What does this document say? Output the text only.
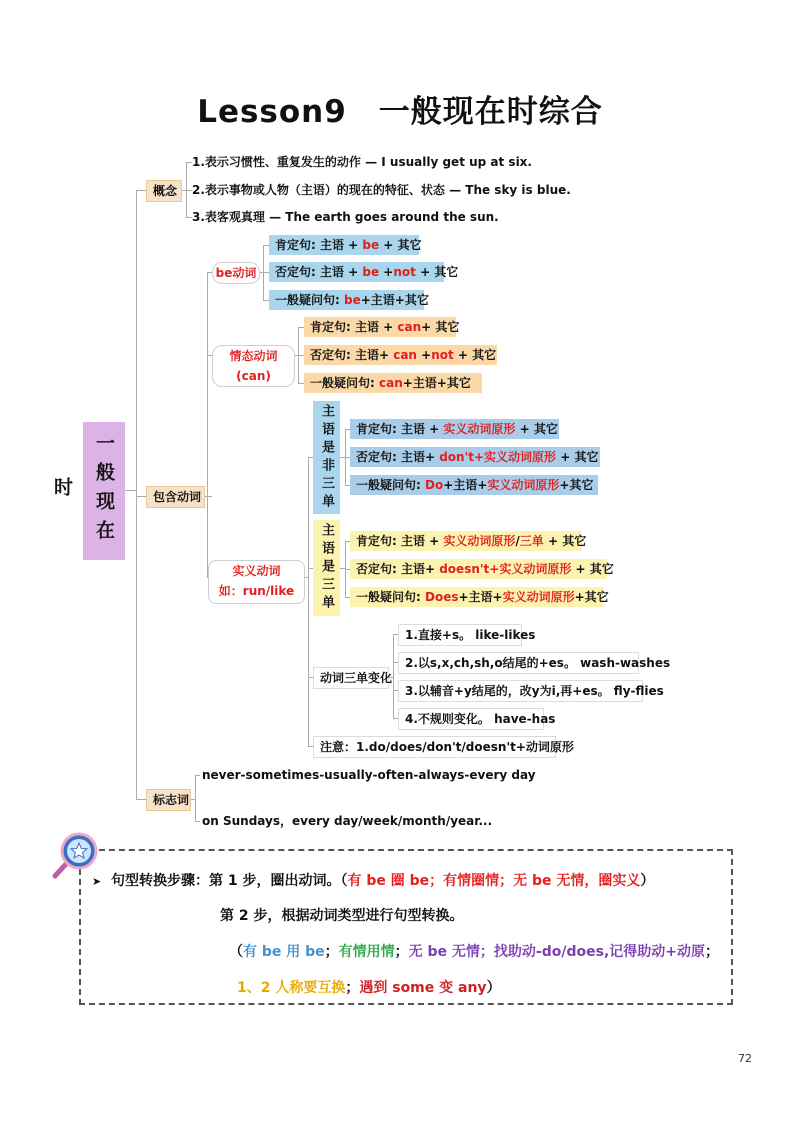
Lesson9　一般现在时综合
一般现在时
概念
1.表示习惯性、重复发生的动作 — I usually get up at six.
2.表示事物或人物（主语）的现在的特征、状态 — The sky is blue.
3.表客观真理 — The earth goes around the sun.
包含动词
be动词
肯定句: 主语 + be + 其它
否定句: 主语 + be +not + 其它
一般疑问句: be+主语+其它
情态动词(can)
肯定句: 主语 + can+ 其它
否定句: 主语+ can +not + 其它
一般疑问句: can+主语+其它
实义动词
如：run/like
主语是非三单	肯定句: 主语 + 实义动词原形 + 其它
否定句: 主语+ don't+实义动词原形 + 其它
一般疑问句: Do+主语+实义动词原形+其它
主语是三单	肯定句: 主语 + 实义动词原形/三单 + 其它
否定句: 主语+ doesn't+实义动词原形 + 其它
一般疑问句: Does+主语+实义动词原形+其它
动词三单变化
1.直接+s。 like-likes
2.以s,x,ch,sh,o结尾的+es。 wash-washes
3.以辅音+y结尾的，改y为i,再+es。 fly-flies
4.不规则变化。 have-has
注意：1.do/does/don't/doesn't+动词原形
标志词
never-sometimes-usually-often-always-every day
on Sundays，every day/week/month/year...
➤ 句型转换步骤：第 1 步，圈出动词。（有 be 圈 be；有情圈情；无 be 无情，圈实义）
第 2 步，根据动词类型进行句型转换。
（有 be 用 be；有情用情；无 be 无情；找助动-do/does,记得助动+动原；
1、2 人称要互换；遇到 some 变 any）
72
